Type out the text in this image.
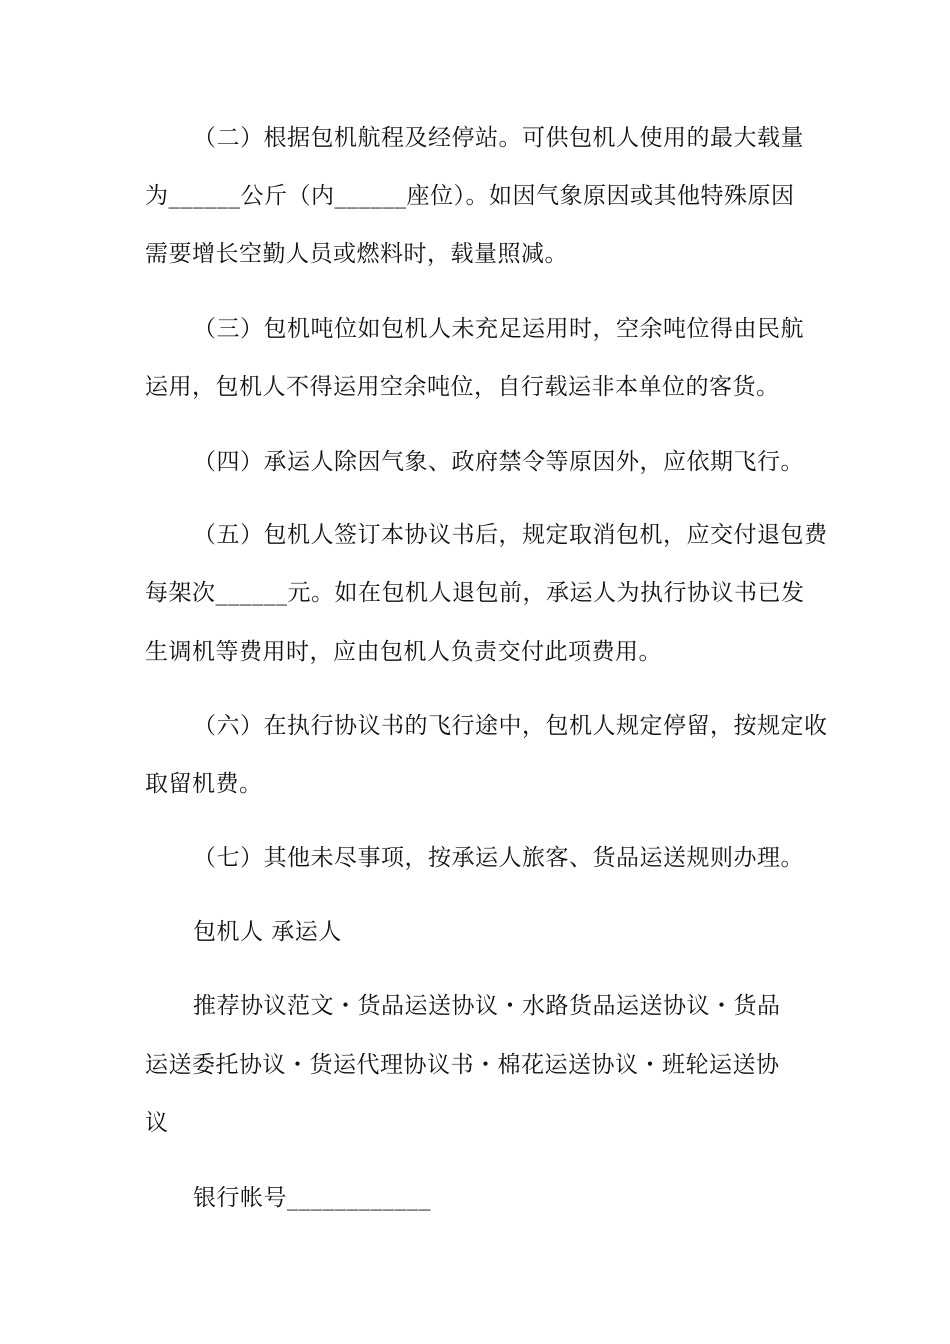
（二）根据包机航程及经停站。可供包机人使用的最大载量
为______公斤（内______座位）。如因气象原因或其他特殊原因
需要增长空勤人员或燃料时，载量照减。
（三）包机吨位如包机人未充足运用时，空余吨位得由民航
运用，包机人不得运用空余吨位，自行载运非本单位的客货。
（四）承运人除因气象、政府禁令等原因外，应依期飞行。
（五）包机人签订本协议书后，规定取消包机，应交付退包费
每架次______元。如在包机人退包前，承运人为执行协议书已发
生调机等费用时，应由包机人负责交付此项费用。
（六）在执行协议书的飞行途中，包机人规定停留，按规定收
取留机费。
（七）其他未尽事项，按承运人旅客、货品运送规则办理。
包机人 承运人
推荐协议范文・货品运送协议・水路货品运送协议・货品
运送委托协议・货运代理协议书・棉花运送协议・班轮运送协
议
银行帐号____________
